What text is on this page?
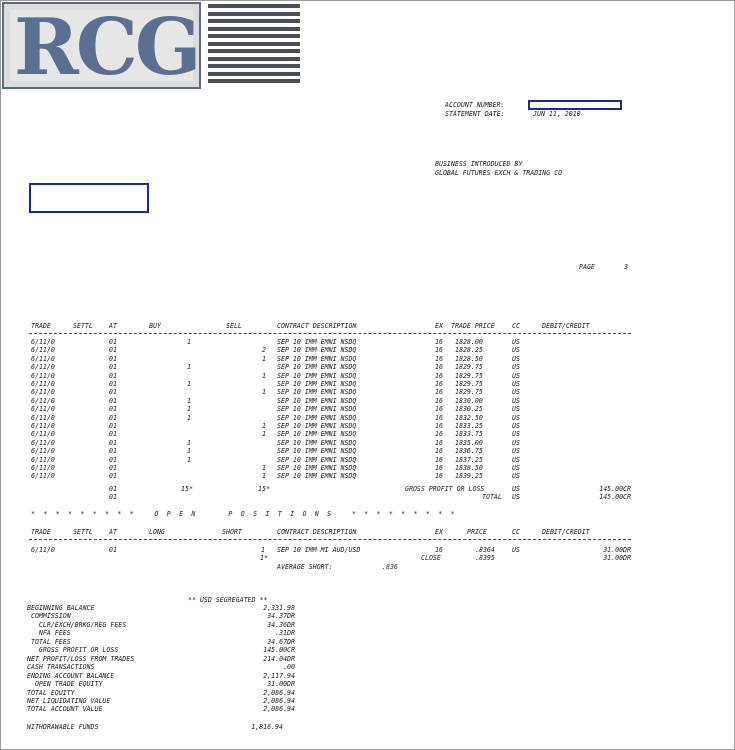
RCG
ACCOUNT NUMBER:
STATEMENT DATE:	JUN 11, 2010
BUSINESS INTRODUCED BY
GLOBAL FUTURES EXCH & TRADING CO
PAGE	3
TRADE	SETTL AT	BUY	SELL	CONTRACT DESCRIPTION	EX TRADE PRICE	CC	DEBIT/CREDIT
6/11/0	01	1	SEP 10 IMM EMNI NSDQ	16 1828.00	US
6/11/0	01	2 SEP 10 IMM EMNI NSDQ	16 1828.25	US
6/11/0	01	1 SEP 10 IMM EMNI NSDQ	16 1828.50	US
6/11/0	01	1	SEP 10 IMM EMNI NSDQ	16 1829.75	US
6/11/0	01	1 SEP 10 IMM EMNI NSDQ	16 1829.75	US
6/11/0	01	1	SEP 10 IMM EMNI NSDQ	16 1829.75	US
6/11/0	01	1 SEP 10 IMM EMNI NSDQ	16 1829.75	US
6/11/0	01	1	SEP 10 IMM EMNI NSDQ	16 1830.00	US
6/11/0	01	1	SEP 10 IMM EMNI NSDQ	16 1830.25	US
6/11/0	01	1	SEP 10 IMM EMNI NSDQ	16 1832.50	US
6/11/0	01	1 SEP 10 IMM EMNI NSDQ	16 1833.25	US
6/11/0	01	1 SEP 10 IMM EMNI NSDQ	16 1833.75	US
6/11/0	01	1	SEP 10 IMM EMNI NSDQ	16 1835.00	US
6/11/0	01	1	SEP 10 IMM EMNI NSDQ	16 1836.75	US
6/11/0	01	1	SEP 10 IMM EMNI NSDQ	16 1837.25	US
6/11/0	01	1 SEP 10 IMM EMNI NSDQ	16 1838.50	US
6/11/0	01	1 SEP 10 IMM EMNI NSDQ	16 1839.25	US
01	15*	15*	GROSS PROFIT OR LOSS	US	145.00CR
01	TOTAL US	145.00CR
* * * * * * * * *   O P E N     P O S I T I O N S   * * * * * * * * *
TRADE	SETTL AT	LONG	SHORT	CONTRACT DESCRIPTION	EX	PRICE	CC	DEBIT/CREDIT
6/11/0	01	1 SEP 10 IMM MI AUD/USD	16	.8364	US	31.00DR
1*	CLOSE	.8395	31.00DR
AVERAGE SHORT:	.836
** USD SEGREGATED **
BEGINNING BALANCE	2,331.98
COMMISSION	34.37DR
CLR/EXCH/BRKG/REG FEES	34.36DR
NFA FEES	.31DR
TOTAL FEES	34.67DR
GROSS PROFIT OR LOSS	145.00CR
NET PROFIT/LOSS FROM TRADES	214.04DR
CASH TRANSACTIONS	.00
ENDING ACCOUNT BALANCE	2,117.94
OPEN TRADE EQUITY	31.00DR
TOTAL EQUITY	2,086.94
NET LIQUIDATING VALUE	2,086.94
TOTAL ACCOUNT VALUE	2,086.94
WITHDRAWABLE FUNDS	1,816.94
